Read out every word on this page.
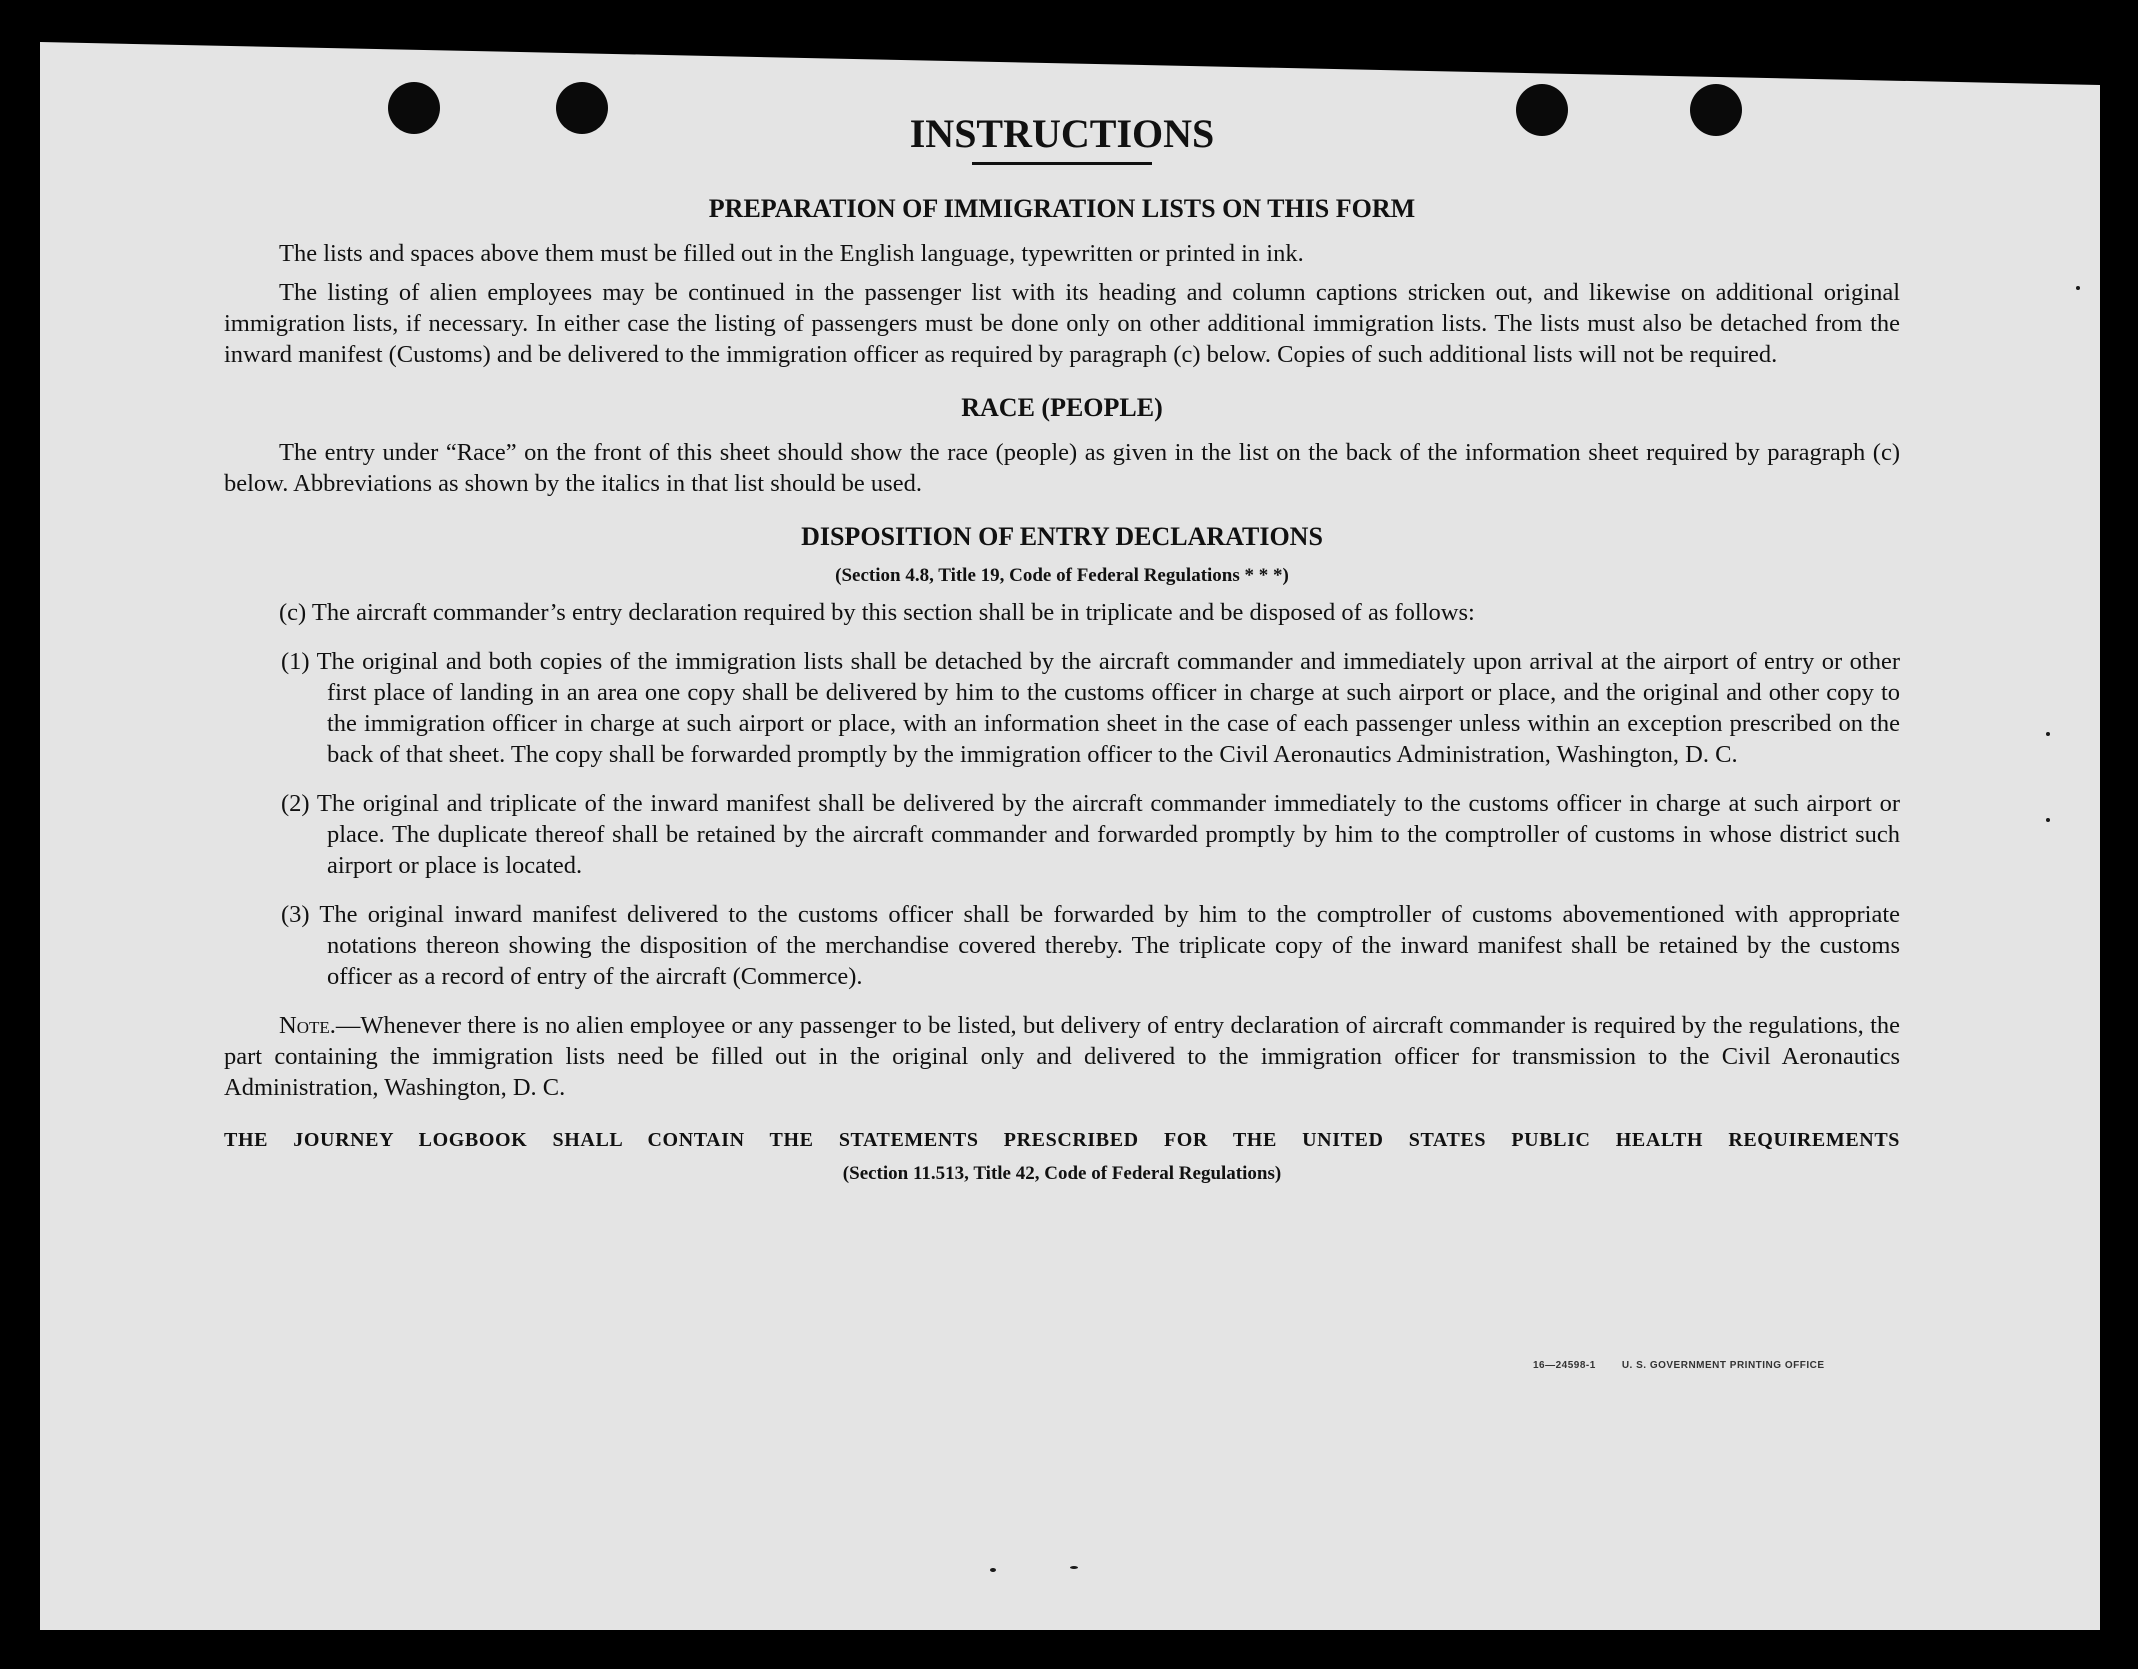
INSTRUCTIONS
PREPARATION OF IMMIGRATION LISTS ON THIS FORM

The lists and spaces above them must be filled out in the English language, typewritten or printed in ink.

The listing of alien employees may be continued in the passenger list with its heading and column captions stricken out, and likewise on additional original immigration lists, if necessary. In either case the listing of passengers must be done only on other additional immigration lists. The lists must also be detached from the inward manifest (Customs) and be delivered to the immigration officer as required by paragraph (c) below. Copies of such additional lists will not be required.

RACE (PEOPLE)

The entry under “Race” on the front of this sheet should show the race (people) as given in the list on the back of the information sheet required by paragraph (c) below. Abbreviations as shown by the italics in that list should be used.

DISPOSITION OF ENTRY DECLARATIONS
(Section 4.8, Title 19, Code of Federal Regulations * * *)

(c) The aircraft commander’s entry declaration required by this section shall be in triplicate and be disposed of as follows:

(1) The original and both copies of the immigration lists shall be detached by the aircraft commander and immediately upon arrival at the airport of entry or other first place of landing in an area one copy shall be delivered by him to the customs officer in charge at such airport or place, and the original and other copy to the immigration officer in charge at such airport or place, with an information sheet in the case of each passenger unless within an exception prescribed on the back of that sheet. The copy shall be forwarded promptly by the immigration officer to the Civil Aeronautics Administration, Washington, D. C.
(2) The original and triplicate of the inward manifest shall be delivered by the aircraft commander immediately to the customs officer in charge at such airport or place. The duplicate thereof shall be retained by the aircraft commander and forwarded promptly by him to the comptroller of customs in whose district such airport or place is located.
(3) The original inward manifest delivered to the customs officer shall be forwarded by him to the comptroller of customs abovementioned with appropriate notations thereon showing the disposition of the merchandise covered thereby. The triplicate copy of the inward manifest shall be retained by the customs officer as a record of entry of the aircraft (Commerce).

Note.—Whenever there is no alien employee or any passenger to be listed, but delivery of entry declaration of aircraft commander is required by the regulations, the part containing the immigration lists need be filled out in the original only and delivered to the immigration officer for transmission to the Civil Aeronautics Administration, Washington, D. C.

THE JOURNEY LOGBOOK SHALL CONTAIN THE STATEMENTS PRESCRIBED FOR THE UNITED STATES PUBLIC HEALTH REQUIREMENTS
(Section 11.513, Title 42, Code of Federal Regulations)
16—24598-1	U. S. GOVERNMENT PRINTING OFFICE
